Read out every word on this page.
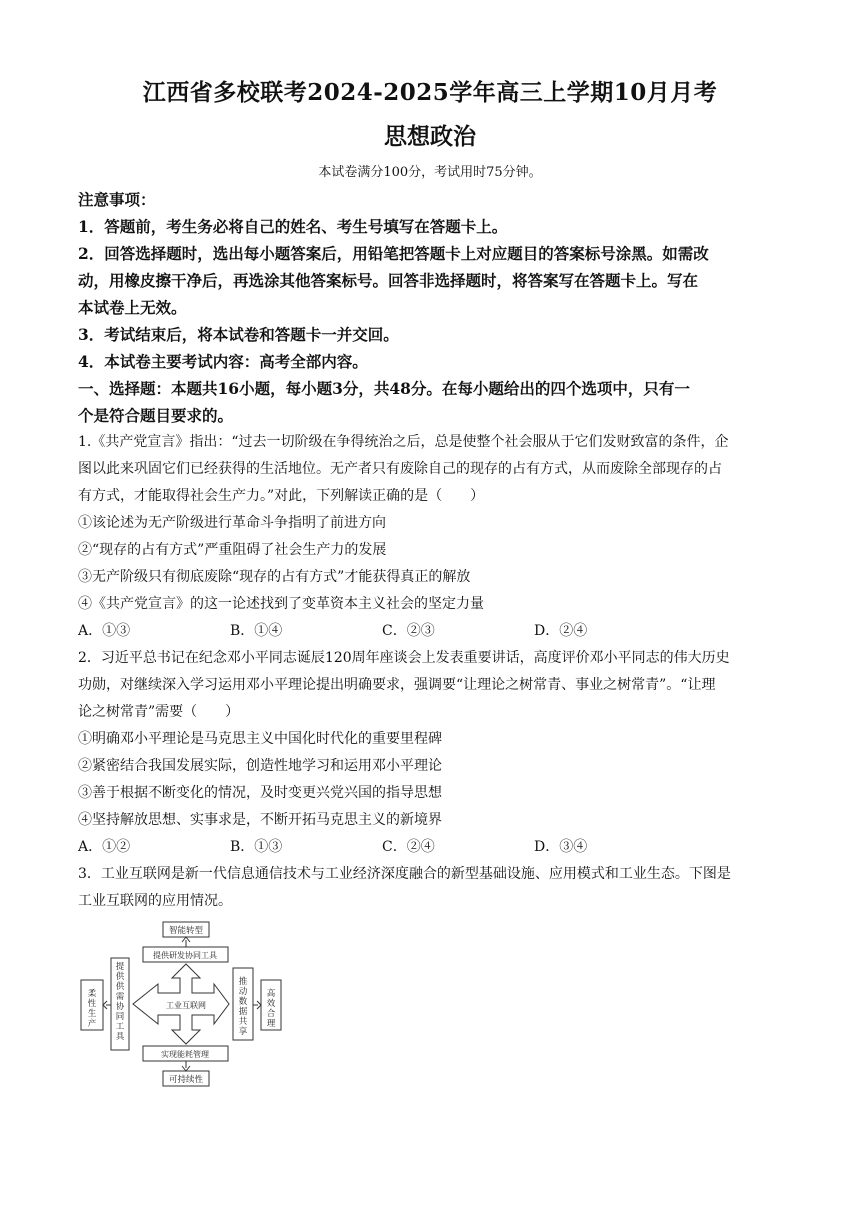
江西省多校联考2024-2025学年高三上学期10月月考
思想政治
本试卷满分100分，考试用时75分钟。
注意事项：
1．答题前，考生务必将自己的姓名、考生号填写在答题卡上。
2．回答选择题时，选出每小题答案后，用铅笔把答题卡上对应题目的答案标号涂黑。如需改
动，用橡皮擦干净后，再选涂其他答案标号。回答非选择题时，将答案写在答题卡上。写在
本试卷上无效。
3．考试结束后，将本试卷和答题卡一并交回。
4．本试卷主要考试内容：高考全部内容。
一、选择题：本题共16小题，每小题3分，共48分。在每小题给出的四个选项中，只有一
个是符合题目要求的。
1.《共产党宣言》指出：“过去一切阶级在争得统治之后，总是使整个社会服从于它们发财致富的条件，企
图以此来巩固它们已经获得的生活地位。无产者只有废除自己的现存的占有方式，从而废除全部现存的占
有方式，才能取得社会生产力。”对此，下列解读正确的是（　　）
①该论述为无产阶级进行革命斗争指明了前进方向
②“现存的占有方式”严重阻碍了社会生产力的发展
③无产阶级只有彻底废除“现存的占有方式”才能获得真正的解放
④《共产党宣言》的这一论述找到了变革资本主义社会的坚定力量
A．①③	B．①④	C．②③	D．②④
2．习近平总书记在纪念邓小平同志诞辰120周年座谈会上发表重要讲话，高度评价邓小平同志的伟大历史
功勋，对继续深入学习运用邓小平理论提出明确要求，强调要“让理论之树常青、事业之树常青”。“让理
论之树常青”需要（　　）
①明确邓小平理论是马克思主义中国化时代化的重要里程碑
②紧密结合我国发展实际，创造性地学习和运用邓小平理论
③善于根据不断变化的情况，及时变更兴党兴国的指导思想
④坚持解放思想、实事求是，不断开拓马克思主义的新境界
A．①②	B．①③	C．②④	D．③④
3．工业互联网是新一代信息通信技术与工业经济深度融合的新型基础设施、应用模式和工业生态。下图是
工业互联网的应用情况。
智能转型
提供研发协同工具
工业互联网
实现能耗管理
可持续性
提供供需协同工具
柔性生产
推动数据共享
高效合理
